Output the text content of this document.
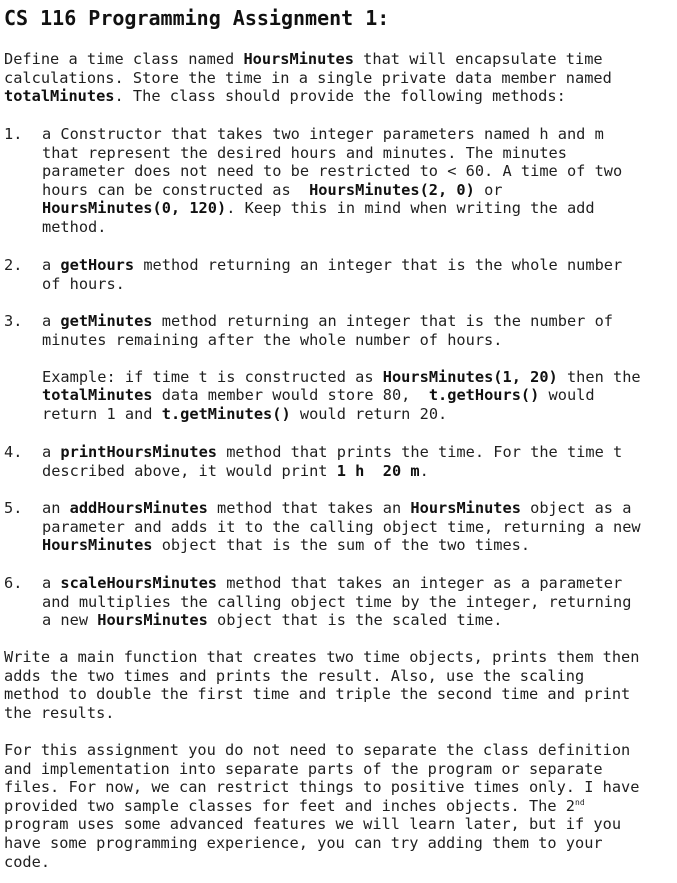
CS 116 Programming Assignment 1:
Define a time class named HoursMinutes that will encapsulate time
calculations. Store the time in a single private data member named
totalMinutes. The class should provide the following methods:
1. a Constructor that takes two integer parameters named h and m
that represent the desired hours and minutes. The minutes
parameter does not need to be restricted to < 60. A time of two
hours can be constructed as  HoursMinutes(2, 0) or
HoursMinutes(0, 120). Keep this in mind when writing the add
method.
2. a getHours method returning an integer that is the whole number
of hours.
3. a getMinutes method returning an integer that is the number of
minutes remaining after the whole number of hours.

Example: if time t is constructed as HoursMinutes(1, 20) then the
totalMinutes data member would store 80,  t.getHours() would
return 1 and t.getMinutes() would return 20.
4. a printHoursMinutes method that prints the time. For the time t
described above, it would print 1 h  20 m.
5. an addHoursMinutes method that takes an HoursMinutes object as a
parameter and adds it to the calling object time, returning a new
HoursMinutes object that is the sum of the two times.
6. a scaleHoursMinutes method that takes an integer as a parameter
and multiplies the calling object time by the integer, returning
a new HoursMinutes object that is the scaled time.
Write a main function that creates two time objects, prints them then
adds the two times and prints the result. Also, use the scaling
method to double the first time and triple the second time and print
the results.
For this assignment you do not need to separate the class definition
and implementation into separate parts of the program or separate
files. For now, we can restrict things to positive times only. I have
provided two sample classes for feet and inches objects. The 2nd
program uses some advanced features we will learn later, but if you
have some programming experience, you can try adding them to your
code.
